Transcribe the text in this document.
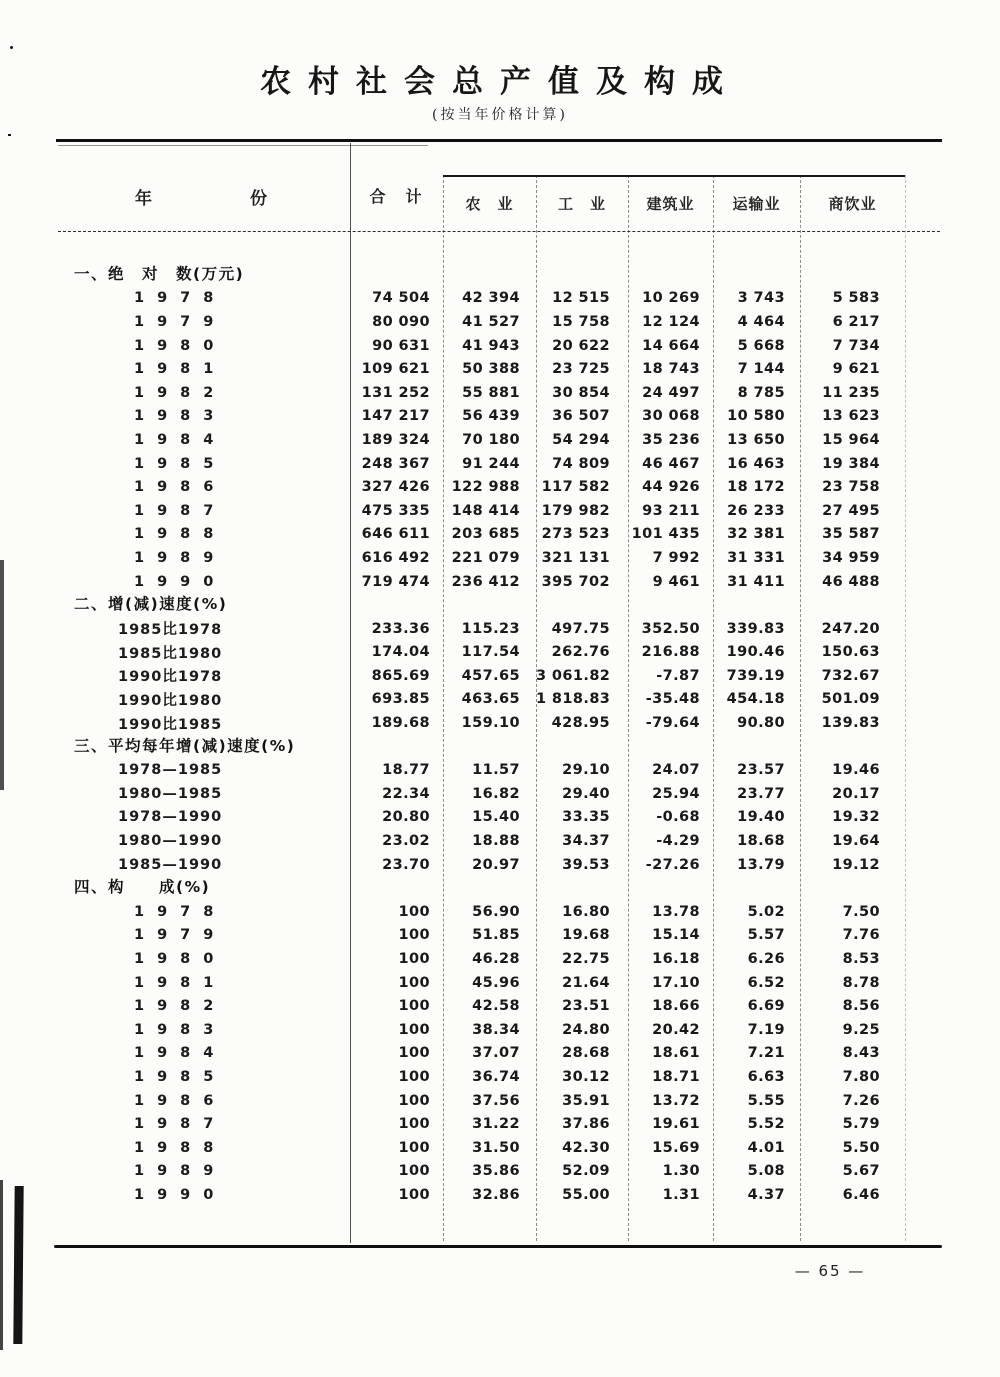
农村社会总产值及构成
(按当年价格计算)
年　　　　份	合　计	农　业	工　业	建筑业	运输业	商饮业
一、绝　对　数(万元)
1978	74 504	42 394	12 515	10 269	3 743	5 583
1979	80 090	41 527	15 758	12 124	4 464	6 217
1980	90 631	41 943	20 622	14 664	5 668	7 734
1981	109 621	50 388	23 725	18 743	7 144	9 621
1982	131 252	55 881	30 854	24 497	8 785	11 235
1983	147 217	56 439	36 507	30 068	10 580	13 623
1984	189 324	70 180	54 294	35 236	13 650	15 964
1985	248 367	91 244	74 809	46 467	16 463	19 384
1986	327 426	122 988	117 582	44 926	18 172	23 758
1987	475 335	148 414	179 982	93 211	26 233	27 495
1988	646 611	203 685	273 523	101 435	32 381	35 587
1989	616 492	221 079	321 131	7 992	31 331	34 959
1990	719 474	236 412	395 702	9 461	31 411	46 488
二、增(减)速度(%)
1985比1978	233.36	115.23	497.75	352.50	339.83	247.20
1985比1980	174.04	117.54	262.76	216.88	190.46	150.63
1990比1978	865.69	457.65	3 061.82	-7.87	739.19	732.67
1990比1980	693.85	463.65	1 818.83	-35.48	454.18	501.09
1990比1985	189.68	159.10	428.95	-79.64	90.80	139.83
三、平均每年增(减)速度(%)
1978—1985	18.77	11.57	29.10	24.07	23.57	19.46
1980—1985	22.34	16.82	29.40	25.94	23.77	20.17
1978—1990	20.80	15.40	33.35	-0.68	19.40	19.32
1980—1990	23.02	18.88	34.37	-4.29	18.68	19.64
1985—1990	23.70	20.97	39.53	-27.26	13.79	19.12
四、构　　成(%)
1978	100	56.90	16.80	13.78	5.02	7.50
1979	100	51.85	19.68	15.14	5.57	7.76
1980	100	46.28	22.75	16.18	6.26	8.53
1981	100	45.96	21.64	17.10	6.52	8.78
1982	100	42.58	23.51	18.66	6.69	8.56
1983	100	38.34	24.80	20.42	7.19	9.25
1984	100	37.07	28.68	18.61	7.21	8.43
1985	100	36.74	30.12	18.71	6.63	7.80
1986	100	37.56	35.91	13.72	5.55	7.26
1987	100	31.22	37.86	19.61	5.52	5.79
1988	100	31.50	42.30	15.69	4.01	5.50
1989	100	35.86	52.09	1.30	5.08	5.67
1990	100	32.86	55.00	1.31	4.37	6.46
— 65 —
